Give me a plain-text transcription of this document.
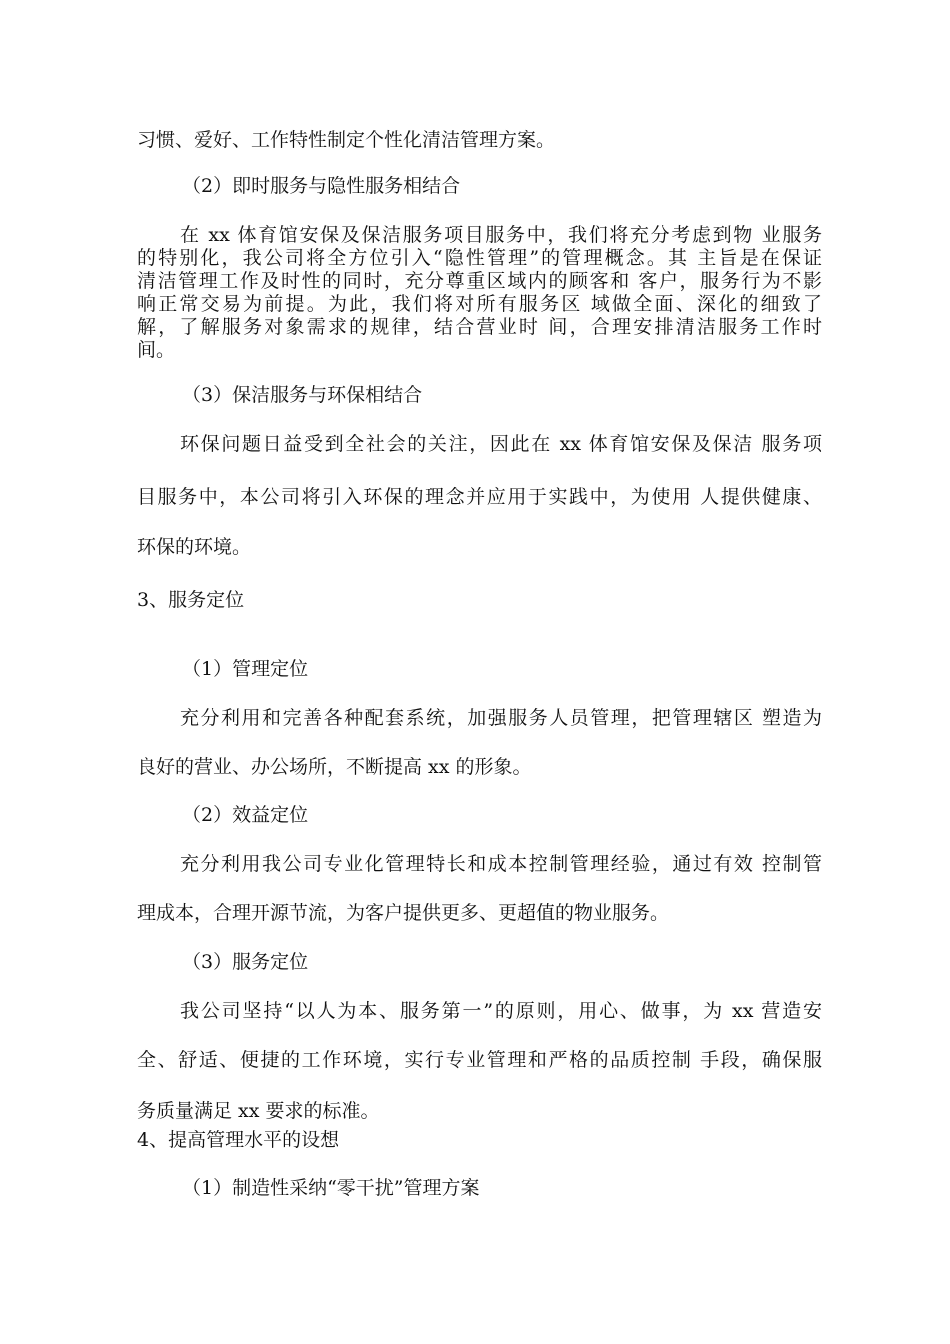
习惯、爱好、工作特性制定个性化清洁管理方案。
（2）即时服务与隐性服务相结合
在 xx 体育馆安保及保洁服务项目服务中，我们将充分考虑到物 业服务
的特别化，我公司将全方位引入“隐性管理”的管理概念。其 主旨是在保证
清洁管理工作及时性的同时，充分尊重区域内的顾客和 客户，服务行为不影
响正常交易为前提。为此，我们将对所有服务区 域做全面、深化的细致了
解，了解服务对象需求的规律，结合营业时 间，合理安排清洁服务工作时
间。
（3）保洁服务与环保相结合
环保问题日益受到全社会的关注，因此在 xx 体育馆安保及保洁 服务项
目服务中，本公司将引入环保的理念并应用于实践中，为使用 人提供健康、
环保的环境。
3、服务定位
（1）管理定位
充分利用和完善各种配套系统，加强服务人员管理，把管理辖区 塑造为
良好的营业、办公场所，不断提高 xx 的形象。
（2）效益定位
充分利用我公司专业化管理特长和成本控制管理经验，通过有效 控制管
理成本，合理开源节流，为客户提供更多、更超值的物业服务。
（3）服务定位
我公司坚持“以人为本、服务第一”的原则，用心、做事，为 xx 营造安
全、舒适、便捷的工作环境，实行专业管理和严格的品质控制 手段，确保服
务质量满足 xx 要求的标准。
4、提高管理水平的设想
（1）制造性采纳“零干扰”管理方案
